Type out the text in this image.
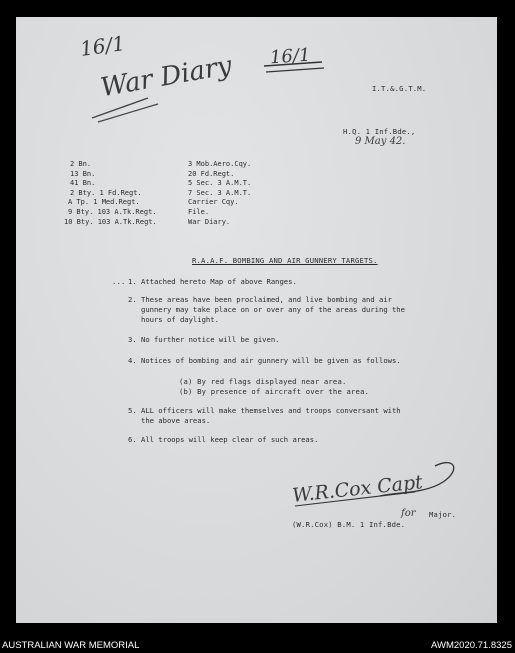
16/1
War Diary 16/1
I.T.&.G.T.M.
H.Q. 1 Inf.Bde.,
9 May 42.
2 Bn.
13 Bn.
41 Bn.
2 Bty. 1 Fd.Regt.
A Tp. 1 Med.Regt.
9 Bty. 103 A.Tk.Regt.
10 Bty. 103 A.Tk.Regt.
3 Mob.Aero.Cqy.
20 Fd.Regt.
5 Sec. 3 A.M.T.
7 Sec. 3 A.M.T.
Carrier Cqy.
File.
War Diary.
R.A.A.F. BOMBING AND AIR GUNNERY TARGETS.
... 1. Attached hereto Map of above Ranges.
2. These areas have been proclaimed, and live bombing and air
gunnery may take place on or over any of the areas during the
hours of daylight.
3. No further notice will be given.
4. Notices of bombing and air gunnery will be given as follows.
(a) By red flags displayed near area.
(b) By presence of aircraft over the area.
5. ALL officers will make themselves and troops conversant with
the above areas.
6. All troops will keep clear of such areas.
W.R.Cox Capt
for Major.
(W.R.Cox) B.M. 1 Inf.Bde.
AUSTRALIAN WAR MEMORIAL	AWM2020.71.8325
